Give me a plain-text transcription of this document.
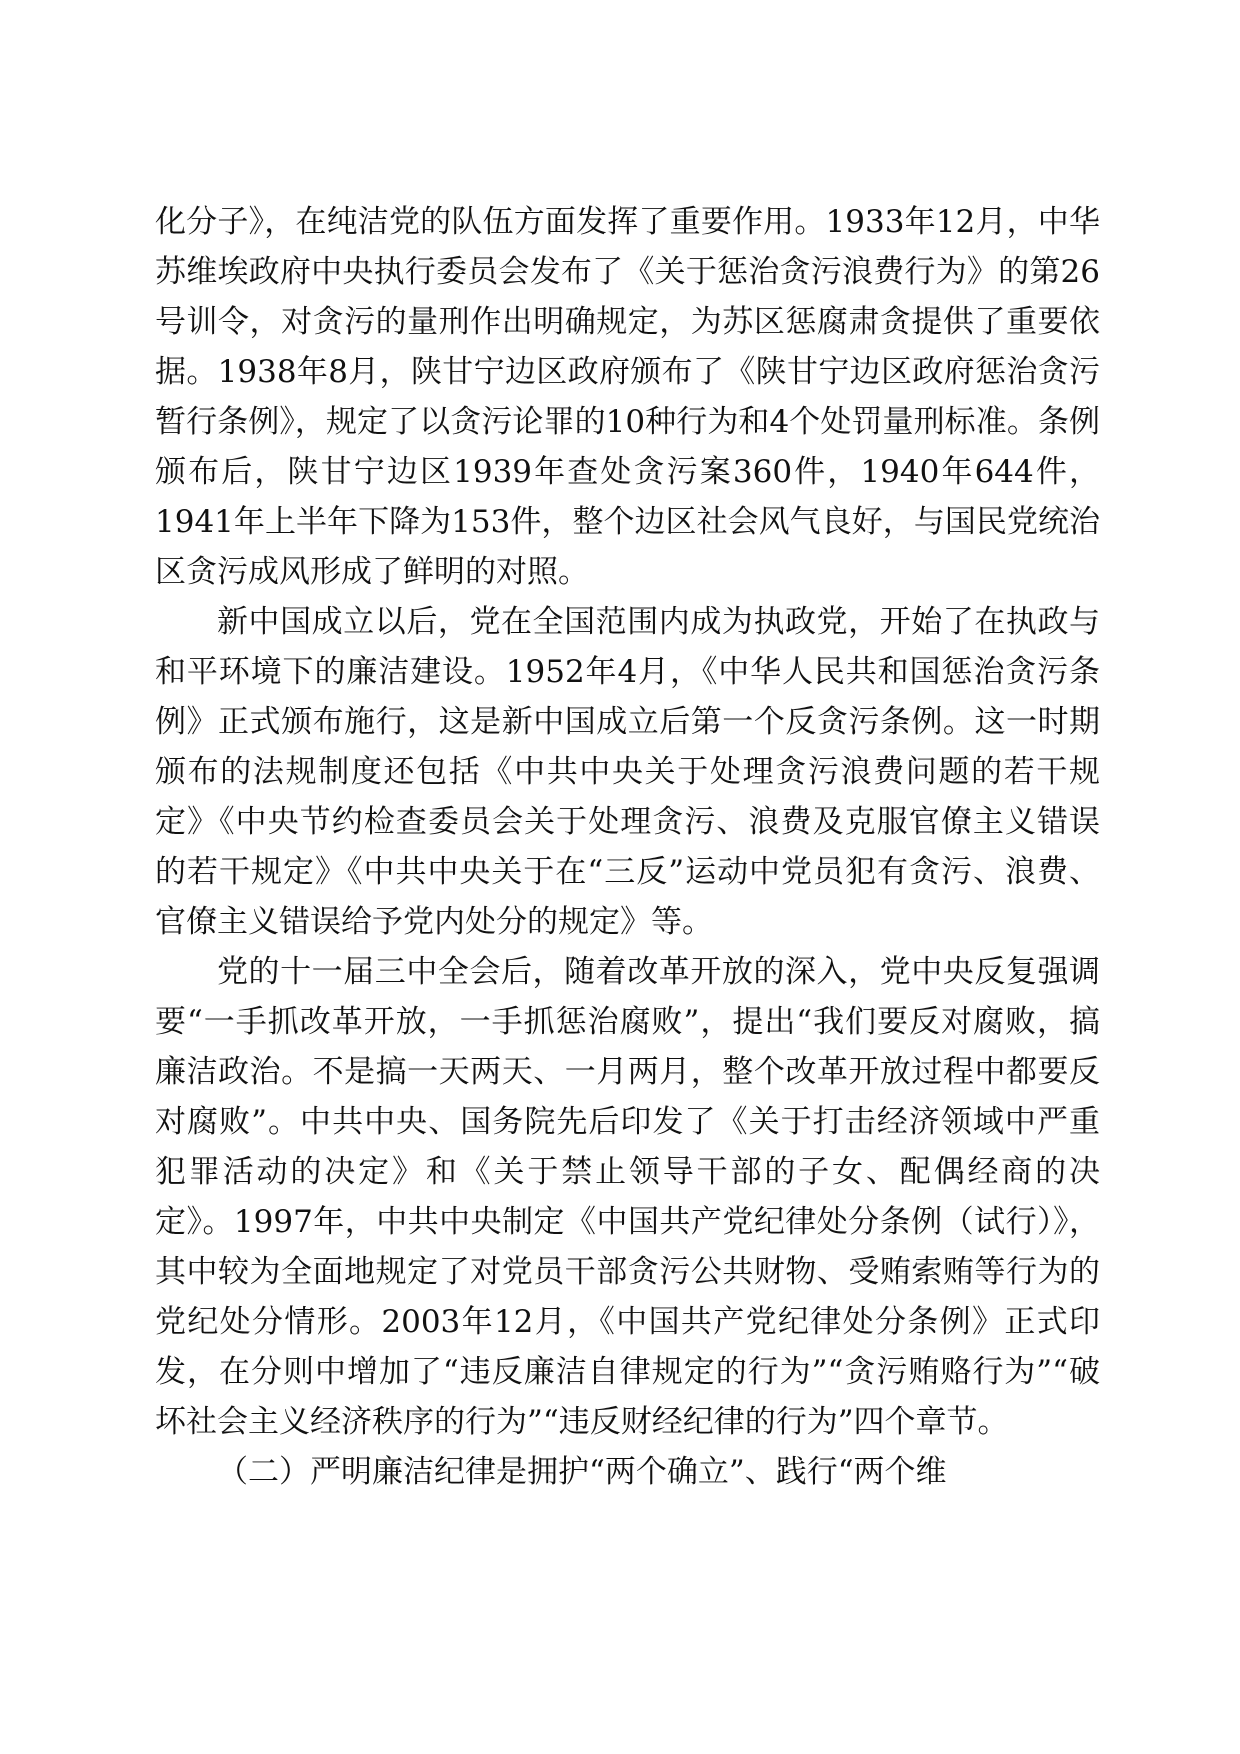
化分子》，在纯洁党的队伍方面发挥了重要作用。1933年12月，中华苏维埃政府中央执行委员会发布了《关于惩治贪污浪费行为》的第26号训令，对贪污的量刑作出明确规定，为苏区惩腐肃贪提供了重要依据。1938年8月，陕甘宁边区政府颁布了《陕甘宁边区政府惩治贪污暂行条例》，规定了以贪污论罪的10种行为和4个处罚量刑标准。条例颁布后，陕甘宁边区1939年查处贪污案360件，1940年644件，1941年上半年下降为153件，整个边区社会风气良好，与国民党统治区贪污成风形成了鲜明的对照。

新中国成立以后，党在全国范围内成为执政党，开始了在执政与和平环境下的廉洁建设。1952年4月，《中华人民共和国惩治贪污条例》正式颁布施行，这是新中国成立后第一个反贪污条例。这一时期颁布的法规制度还包括《中共中央关于处理贪污浪费问题的若干规定》《中央节约检查委员会关于处理贪污、浪费及克服官僚主义错误的若干规定》《中共中央关于在“三反”运动中党员犯有贪污、浪费、官僚主义错误给予党内处分的规定》等。

党的十一届三中全会后，随着改革开放的深入，党中央反复强调要“一手抓改革开放，一手抓惩治腐败”，提出“我们要反对腐败，搞廉洁政治。不是搞一天两天、一月两月，整个改革开放过程中都要反对腐败”。中共中央、国务院先后印发了《关于打击经济领域中严重犯罪活动的决定》和《关于禁止领导干部的子女、配偶经商的决定》。1997年，中共中央制定《中国共产党纪律处分条例（试行）》，其中较为全面地规定了对党员干部贪污公共财物、受贿索贿等行为的党纪处分情形。2003年12月，《中国共产党纪律处分条例》正式印发，在分则中增加了“违反廉洁自律规定的行为”“贪污贿赂行为”“破坏社会主义经济秩序的行为”“违反财经纪律的行为”四个章节。

（二）严明廉洁纪律是拥护“两个确立”、践行“两个维
